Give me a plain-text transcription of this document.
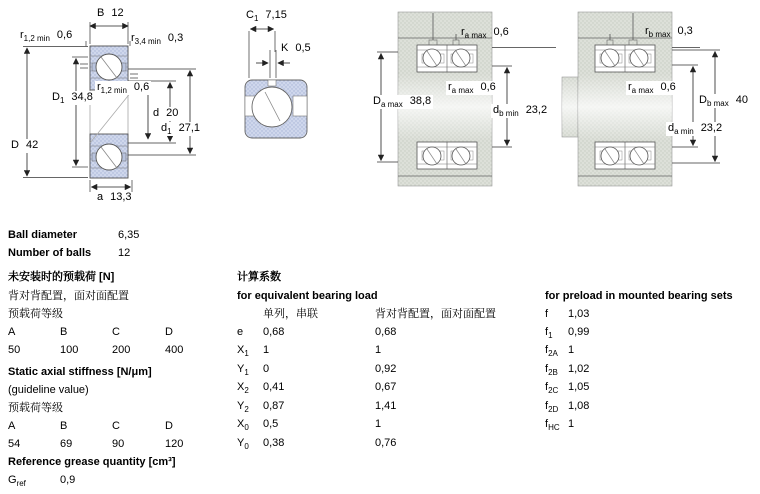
B 12
$r_{1,2 min}$ 0,6	$r_{3,4 min}$ 0,3
$D_1$ 34,8
$r_{1,2 min}$ 0,6
d 20
$d_1$ 27,1
D 42
a 13,3
$C_1$ 7,15
K 0,5
$r_{a max}$ 0,6
$r_{a max}$ 0,6
$D_{a max}$ 38,8
$d_{b min}$ 23,2
$r_{b max}$ 0,3
$r_{a max}$ 0,6
$D_{b max}$ 40
$d_{a min}$ 23,2
Ball diameter	6,35
Number of balls 12
未安装时的预载荷 [N]
背对背配置，面对面配置
预载荷等级
A	B	C	D
50	100	200	400
Static axial stiffness [N/μm]
(guideline value)
预载荷等级
A	B	C	D
54	69	90	120
Reference grease quantity [cm³]
$G_{ref}$	0,9
计算系数
for equivalent bearing load
单列，串联	背对背配置，面对面配置
e 0,68	0,68
$X_1$ 1	1
$Y_1$ 0	0,92
$X_2$ 0,41	0,67
$Y_2$ 0,87	1,41
$X_0$ 0,5	1
$Y_0$ 0,38	0,76
for preload in mounted bearing sets
f 1,03
$f_1$ 0,99
$f_{2A}$ 1
$f_{2B}$ 1,02
$f_{2C}$ 1,05
$f_{2D}$ 1,08
$f_{HC}$ 1
